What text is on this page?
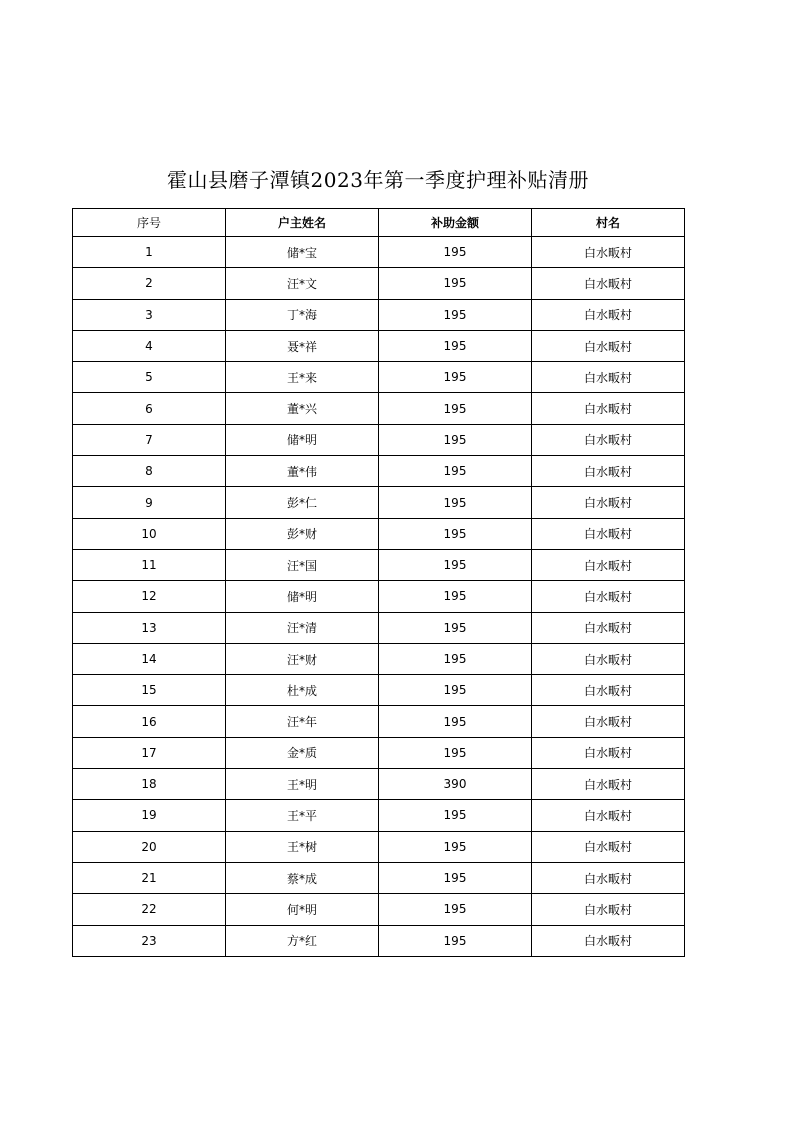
霍山县磨子潭镇2023年第一季度护理补贴清册
序号	户主姓名	补助金额	村名
1	储*宝	195	白水畈村
2	汪*文	195	白水畈村
3	丁*海	195	白水畈村
4	聂*祥	195	白水畈村
5	王*来	195	白水畈村
6	董*兴	195	白水畈村
7	储*明	195	白水畈村
8	董*伟	195	白水畈村
9	彭*仁	195	白水畈村
10	彭*财	195	白水畈村
11	汪*国	195	白水畈村
12	储*明	195	白水畈村
13	汪*清	195	白水畈村
14	汪*财	195	白水畈村
15	杜*成	195	白水畈村
16	汪*年	195	白水畈村
17	金*质	195	白水畈村
18	王*明	390	白水畈村
19	王*平	195	白水畈村
20	王*树	195	白水畈村
21	蔡*成	195	白水畈村
22	何*明	195	白水畈村
23	方*红	195	白水畈村
